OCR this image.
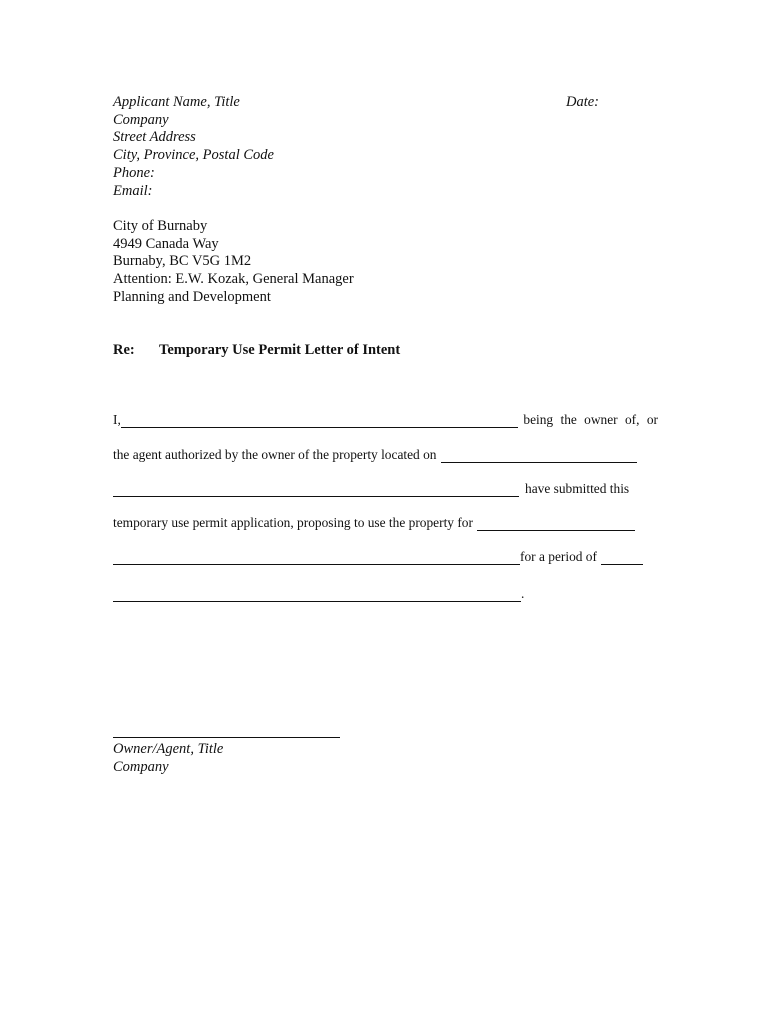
Applicant Name, Title
Company
Street Address
City, Province, Postal Code
Phone:
Email:
Date:
City of Burnaby
4949 Canada Way
Burnaby, BC V5G 1M2
Attention: E.W. Kozak, General Manager
Planning and Development
Re: Temporary Use Permit Letter of Intent
I,	being the owner of, or
the agent authorized by the owner of the property located on
have submitted this
temporary use permit application, proposing to use the property for
for a period of
.
Owner/Agent, Title
Company
